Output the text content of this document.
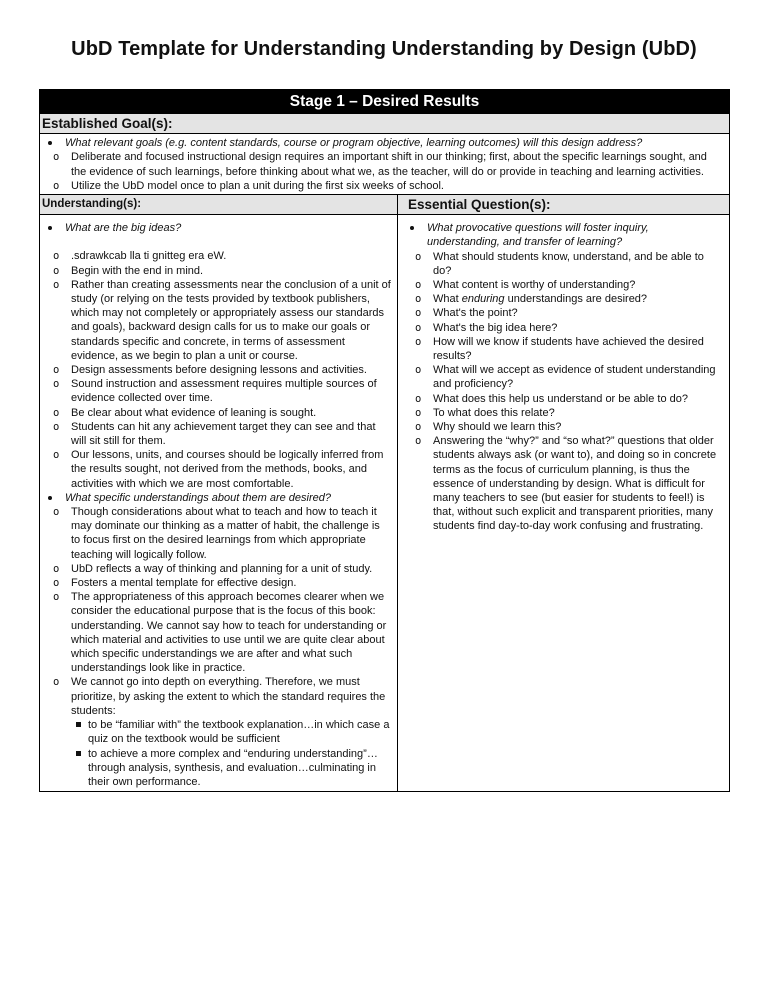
UbD Template for Understanding Understanding by Design (UbD)
Stage 1 – Desired Results
Established Goal(s):
What relevant goals (e.g. content standards, course or program objective, learning outcomes) will this design address?
o Deliberate and focused instructional design requires an important shift in our thinking; first, about the specific learnings sought, and the evidence of such learnings, before thinking about what we, as the teacher, will do or provide in teaching and learning activities.
o Utilize the UbD model once to plan a unit during the first six weeks of school.
Understanding(s):	Essential Question(s):
What are the big ideas?
o .sdrawkcab lla ti gnitteg era eW.
o Begin with the end in mind.
o Rather than creating assessments near the conclusion of a unit of study (or relying on the tests provided by textbook publishers, which may not completely or appropriately assess our standards and goals), backward design calls for us to make our goals or standards specific and concrete, in terms of assessment evidence, as we begin to plan a unit or course.
o Design assessments before designing lessons and activities.
o Sound instruction and assessment requires multiple sources of evidence collected over time.
o Be clear about what evidence of leaning is sought.
o Students can hit any achievement target they can see and that will sit still for them.
o Our lessons, units, and courses should be logically inferred from the results sought, not derived from the methods, books, and activities with which we are most comfortable.
What specific understandings about them are desired?
o Though considerations about what to teach and how to teach it may dominate our thinking as a matter of habit, the challenge is to focus first on the desired learnings from which appropriate teaching will logically follow.
o UbD reflects a way of thinking and planning for a unit of study.
o Fosters a mental template for effective design.
o The appropriateness of this approach becomes clearer when we consider the educational purpose that is the focus of this book: understanding. We cannot say how to teach for understanding or which material and activities to use until we are quite clear about which specific understandings we are after and what such understandings look like in practice.
o We cannot go into depth on everything. Therefore, we must prioritize, by asking the extent to which the standard requires the students:
to be “familiar with” the textbook explanation…in which case a quiz on the textbook would be sufficient
to achieve a more complex and “enduring understanding”…through analysis, synthesis, and evaluation…culminating in their own performance.
What provocative questions will foster inquiry, understanding, and transfer of learning?
o What should students know, understand, and be able to do?
o What content is worthy of understanding?
o What enduring understandings are desired?
o What's the point?
o What's the big idea here?
o How will we know if students have achieved the desired results?
o What will we accept as evidence of student understanding and proficiency?
o What does this help us understand or be able to do?
o To what does this relate?
o Why should we learn this?
o Answering the “why?” and “so what?” questions that older students always ask (or want to), and doing so in concrete terms as the focus of curriculum planning, is thus the essence of understanding by design. What is difficult for many teachers to see (but easier for students to feel!) is that, without such explicit and transparent priorities, many students find day-to-day work confusing and frustrating.
